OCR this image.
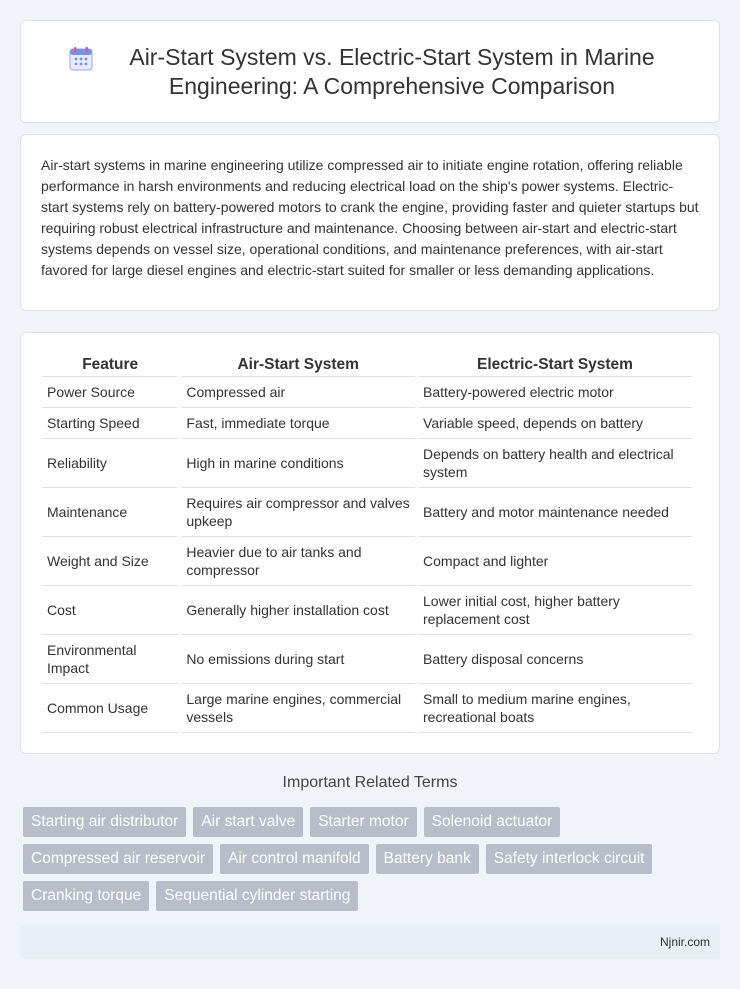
Air-Start System vs. Electric-Start System in Marine Engineering: A Comprehensive Comparison

Air-start systems in marine engineering utilize compressed air to initiate engine rotation, offering reliable performance in harsh environments and reducing electrical load on the ship's power systems. Electric-start systems rely on battery-powered motors to crank the engine, providing faster and quieter startups but requiring robust electrical infrastructure and maintenance. Choosing between air-start and electric-start systems depends on vessel size, operational conditions, and maintenance preferences, with air-start favored for large diesel engines and electric-start suited for smaller or less demanding applications.

Feature	Air-Start System	Electric-Start System
Power Source	Compressed air	Battery-powered electric motor
Starting Speed	Fast, immediate torque	Variable speed, depends on battery
Reliability	High in marine conditions	Depends on battery health and electrical system
Maintenance	Requires air compressor and valves upkeep	Battery and motor maintenance needed
Weight and Size	Heavier due to air tanks and compressor	Compact and lighter
Cost	Generally higher installation cost	Lower initial cost, higher battery replacement cost
Environmental Impact	No emissions during start	Battery disposal concerns
Common Usage	Large marine engines, commercial vessels	Small to medium marine engines, recreational boats
Important Related Terms
Starting air distributor	Air start valve	Starter motor	Solenoid actuator
Compressed air reservoir	Air control manifold	Battery bank	Safety interlock circuit
Cranking torque	Sequential cylinder starting
Njnir.com
